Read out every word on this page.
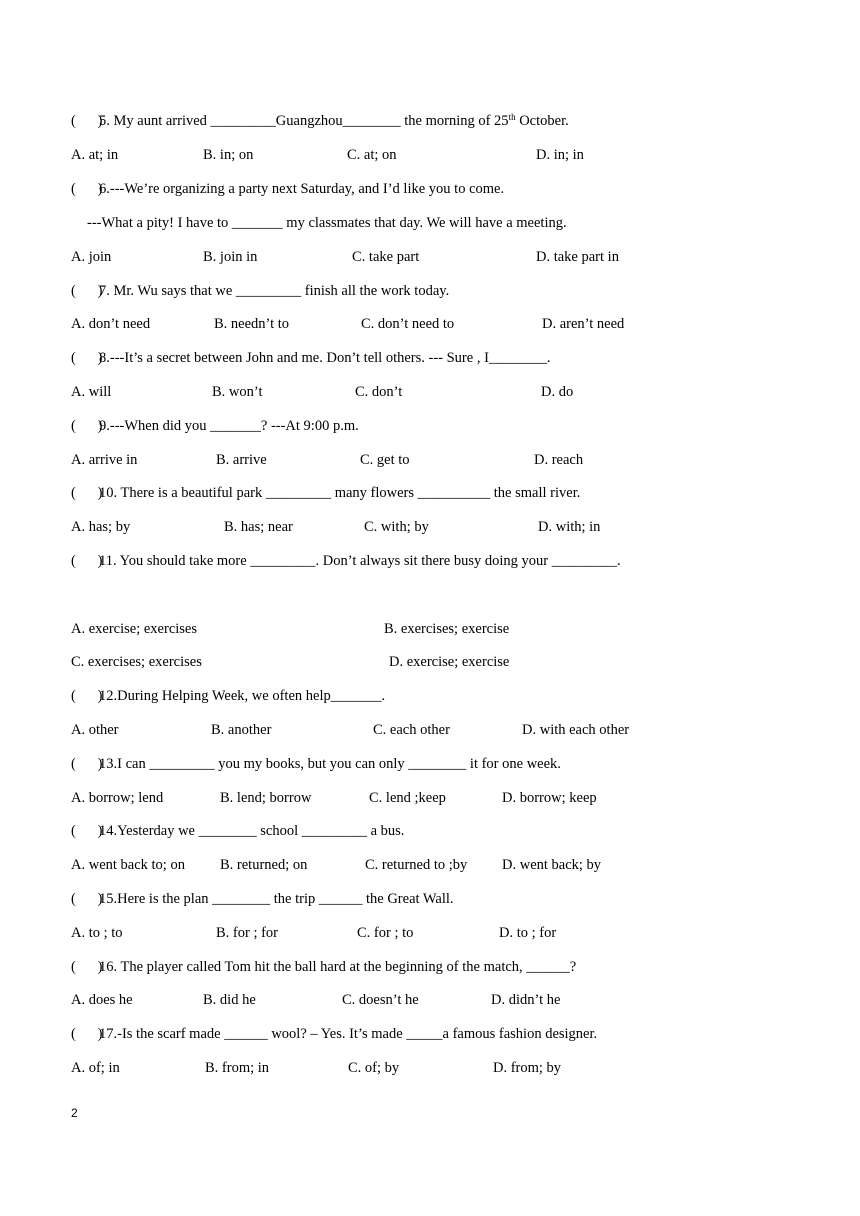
(      )

5. My aunt arrived _________Guangzhou________ the morning of 25th October.

A. at; in

	B. in; on

	C. at; on

	D. in; in

(      )

6.---We’re organizing a party next Saturday, and I’d like you to come.

---What a pity! I have to _______ my classmates that day. We will have a meeting.

A. join

	B. join in

	C. take part

	D. take part in

(      )

7. Mr. Wu says that we _________ finish all the work today.

A. don’t need

	B. needn’t to

	C. don’t need to

	D. aren’t need

(      )

8.---It’s a secret between John and me. Don’t tell others. --- Sure , I________.

A. will

	B. won’t

	C. don’t

	D. do

(      )

9.---When did you _______? ---At 9:00 p.m.

A. arrive in

	B. arrive

	C. get to

	D. reach

(      )

10. There is a beautiful park _________ many flowers __________ the small river.

A. has; by

	B. has; near

	C. with; by

	D. with; in

(      )

11. You should take more _________. Don’t always sit there busy doing your _________.

A. exercise; exercises

	B. exercises; exercise

C. exercises; exercises

	D. exercise; exercise

(      )

12.During Helping Week, we often help_______.

A. other

	B. another

	C. each other

	D. with each other

(      )

13.I can _________ you my books, but you can only ________ it for one week.

A. borrow; lend

	B. lend; borrow

	C. lend ;keep

	D. borrow; keep

(      )

14.Yesterday we ________ school _________ a bus.

A. went back to; on

B. returned; on

	C. returned to ;by

D. went back; by

(      )

15.Here is the plan ________ the trip ______ the Great Wall.

A. to ; to

	B. for ; for

	C. for ; to

	D. to ; for

(      )

16. The player called Tom hit the ball hard at the beginning of the match, ______?

A. does he

	B. did he

	C. doesn’t he

	D. didn’t he

(      )

17.-Is the scarf made ______ wool? – Yes. It’s made _____a famous fashion designer.

A. of; in

	B. from; in

	C. of; by

	D. from; by

2
